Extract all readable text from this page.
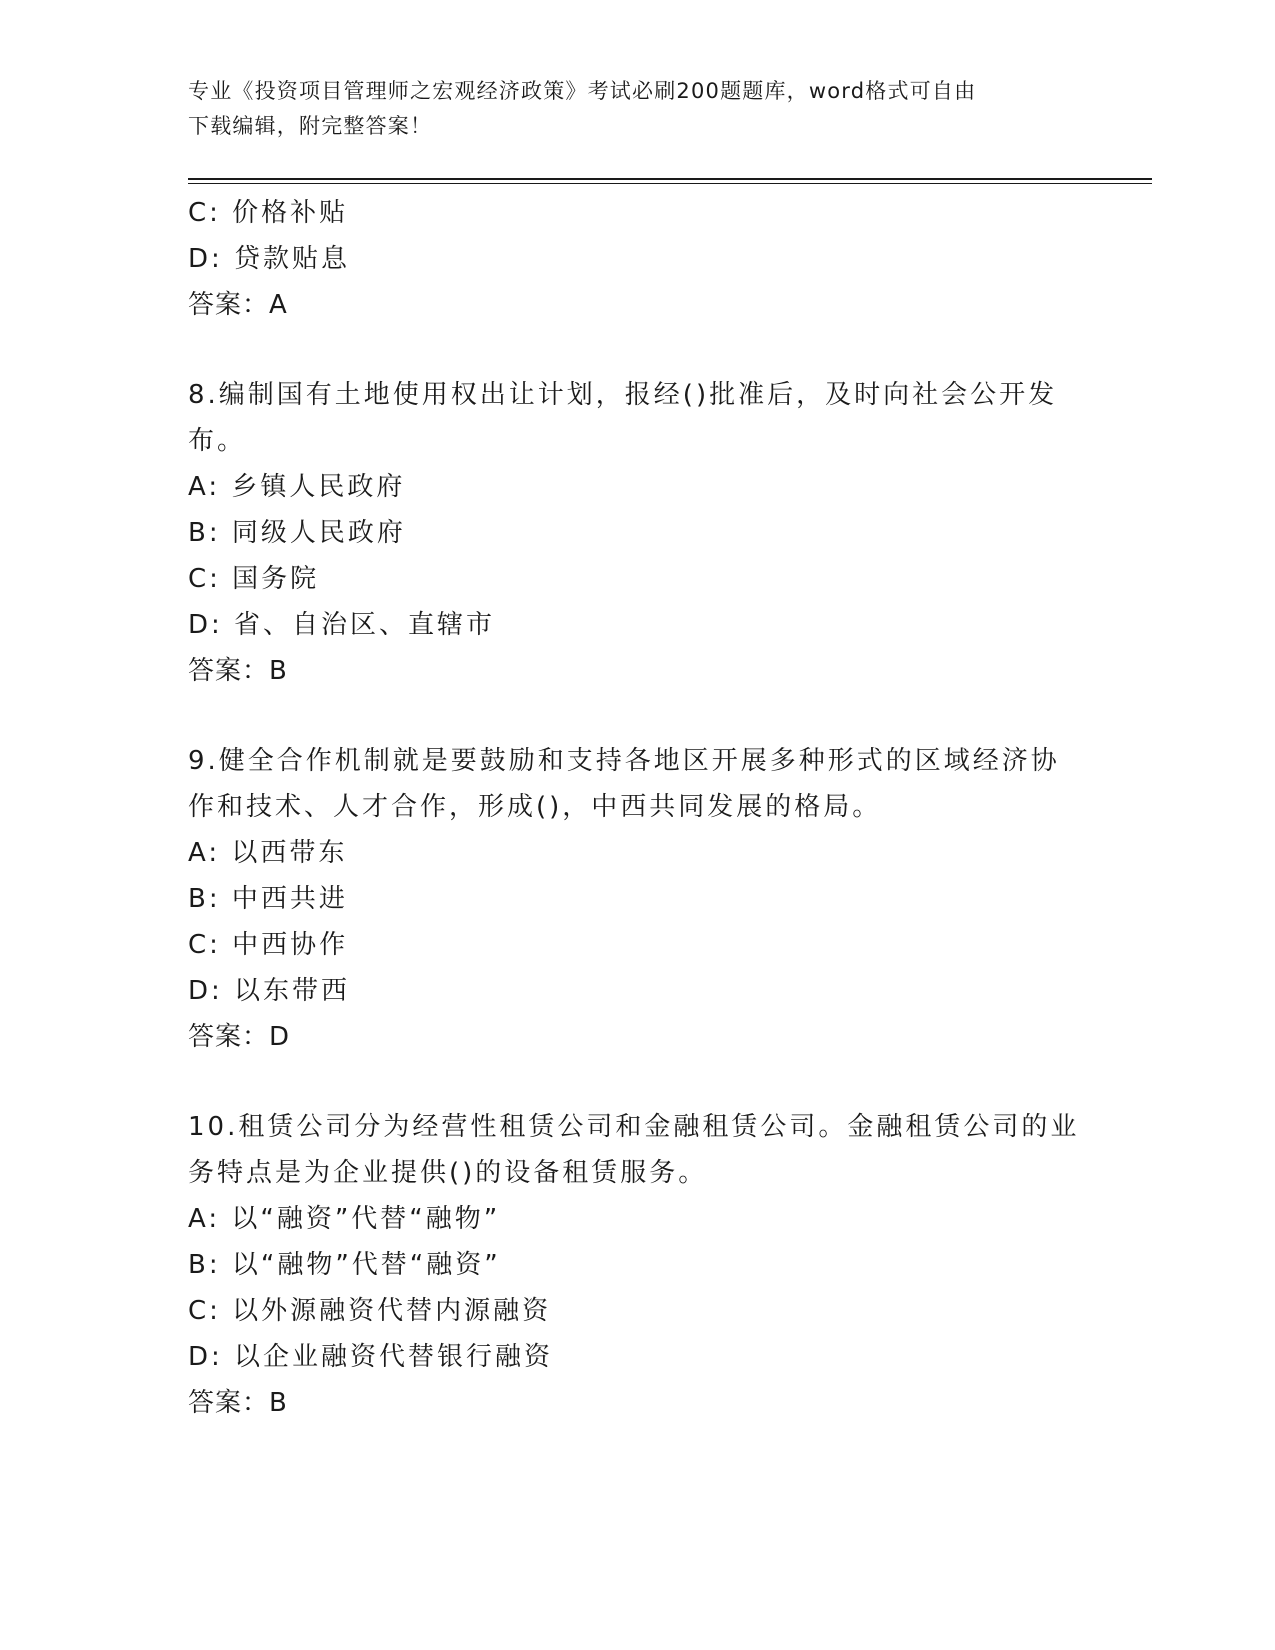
专业《投资项目管理师之宏观经济政策》考试必刷200题题库，word格式可自由
下载编辑，附完整答案！
C: 价格补贴
D: 贷款贴息
答案：A
8.编制国有土地使用权出让计划，报经()批准后，及时向社会公开发
布。
A: 乡镇人民政府
B: 同级人民政府
C: 国务院
D: 省、自治区、直辖市
答案：B
9.健全合作机制就是要鼓励和支持各地区开展多种形式的区域经济协
作和技术、人才合作，形成()，中西共同发展的格局。
A: 以西带东
B: 中西共进
C: 中西协作
D: 以东带西
答案：D
10.租赁公司分为经营性租赁公司和金融租赁公司。金融租赁公司的业
务特点是为企业提供()的设备租赁服务。
A: 以“融资”代替“融物”
B: 以“融物”代替“融资”
C: 以外源融资代替内源融资
D: 以企业融资代替银行融资
答案：B
